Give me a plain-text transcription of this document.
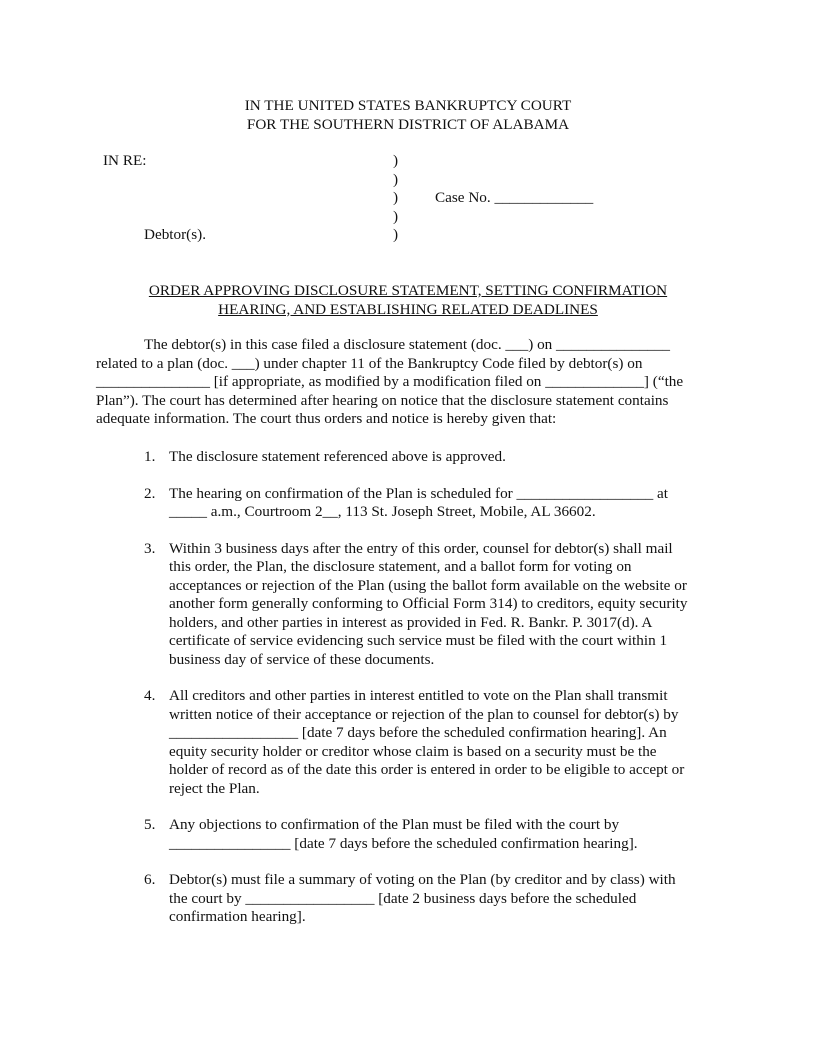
IN THE UNITED STATES BANKRUPTCY COURT
FOR THE SOUTHERN DISTRICT OF ALABAMA
IN RE:
Debtor(s).
)
)
)
)
)
Case No. _____________
ORDER APPROVING DISCLOSURE STATEMENT, SETTING CONFIRMATION
HEARING, AND ESTABLISHING RELATED DEADLINES

The debtor(s) in this case filed a disclosure statement (doc. ___) on _______________

related to a plan (doc. ___) under chapter 11 of the Bankruptcy Code filed by debtor(s) on
_______________ [if appropriate, as modified by a modification filed on _____________] (“the
Plan”). The court has determined after hearing on notice that the disclosure statement contains
adequate information. The court thus orders and notice is hereby given that:
1. The disclosure statement referenced above is approved.
2. The hearing on confirmation of the Plan is scheduled for __________________ at
_____ a.m., Courtroom 2__, 113 St. Joseph Street, Mobile, AL 36602.
3. Within 3 business days after the entry of this order, counsel for debtor(s) shall mail
this order, the Plan, the disclosure statement, and a ballot form for voting on
acceptances or rejection of the Plan (using the ballot form available on the website or
another form generally conforming to Official Form 314) to creditors, equity security
holders, and other parties in interest as provided in Fed. R. Bankr. P. 3017(d). A
certificate of service evidencing such service must be filed with the court within 1
business day of service of these documents.
4. All creditors and other parties in interest entitled to vote on the Plan shall transmit
written notice of their acceptance or rejection of the plan to counsel for debtor(s) by
_________________ [date 7 days before the scheduled confirmation hearing]. An
equity security holder or creditor whose claim is based on a security must be the
holder of record as of the date this order is entered in order to be eligible to accept or
reject the Plan.
5. Any objections to confirmation of the Plan must be filed with the court by
________________ [date 7 days before the scheduled confirmation hearing].
6. Debtor(s) must file a summary of voting on the Plan (by creditor and by class) with
the court by _________________ [date 2 business days before the scheduled
confirmation hearing].
